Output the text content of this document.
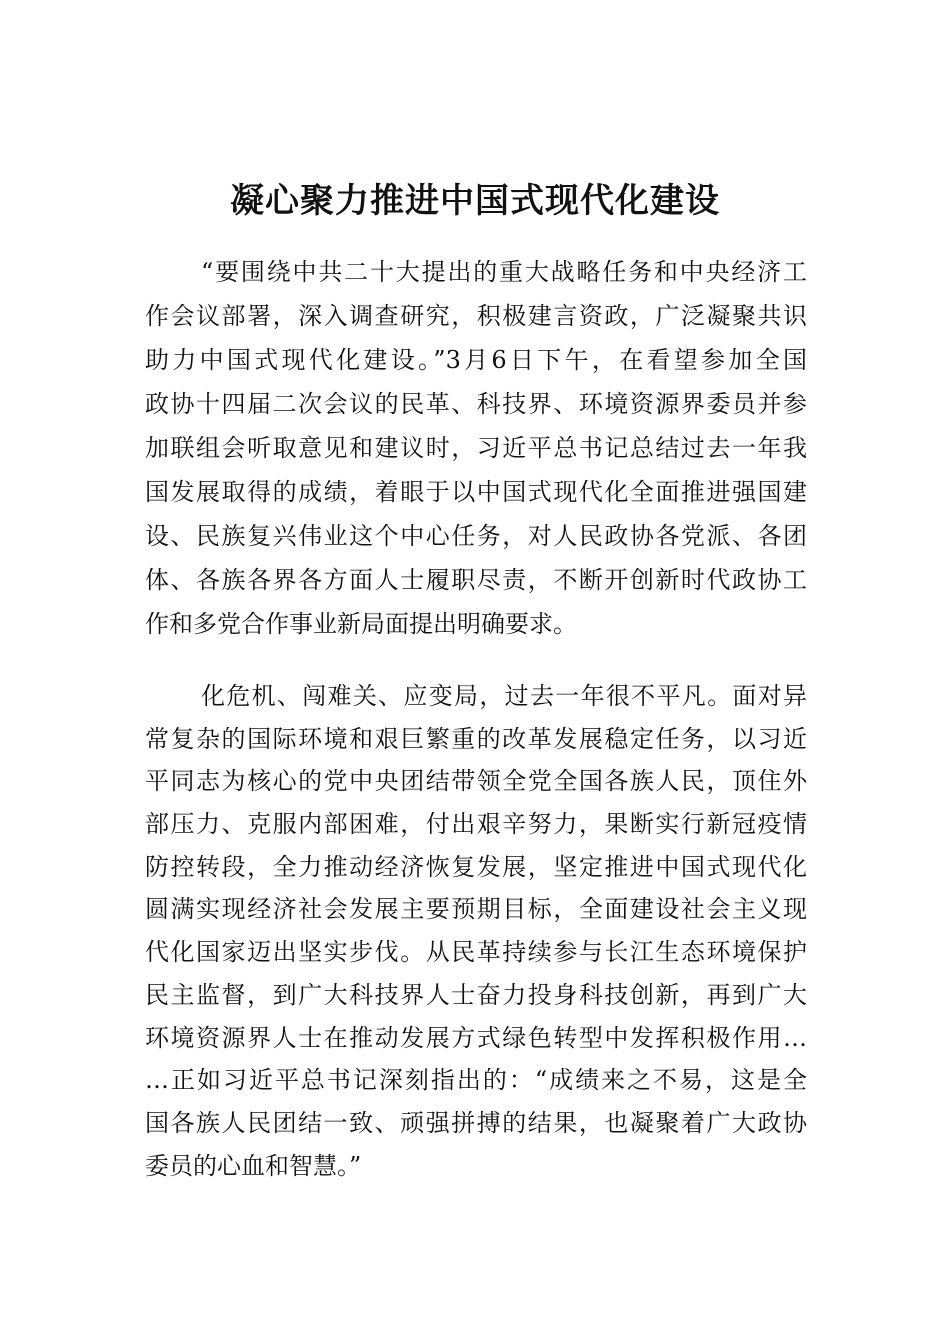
凝心聚力推进中国式现代化建设
“要围绕中共二十大提出的重大战略任务和中央经济工
作会议部署，深入调查研究，积极建言资政，广泛凝聚共识
助力中国式现代化建设。”3月6日下午，在看望参加全国
政协十四届二次会议的民革、科技界、环境资源界委员并参
加联组会听取意见和建议时，习近平总书记总结过去一年我
国发展取得的成绩，着眼于以中国式现代化全面推进强国建
设、民族复兴伟业这个中心任务，对人民政协各党派、各团
体、各族各界各方面人士履职尽责，不断开创新时代政协工
作和多党合作事业新局面提出明确要求。
化危机、闯难关、应变局，过去一年很不平凡。面对异
常复杂的国际环境和艰巨繁重的改革发展稳定任务，以习近
平同志为核心的党中央团结带领全党全国各族人民，顶住外
部压力、克服内部困难，付出艰辛努力，果断实行新冠疫情
防控转段，全力推动经济恢复发展，坚定推进中国式现代化
圆满实现经济社会发展主要预期目标，全面建设社会主义现
代化国家迈出坚实步伐。从民革持续参与长江生态环境保护
民主监督，到广大科技界人士奋力投身科技创新，再到广大
环境资源界人士在推动发展方式绿色转型中发挥积极作用…
…正如习近平总书记深刻指出的：“成绩来之不易，这是全
国各族人民团结一致、顽强拼搏的结果，也凝聚着广大政协
委员的心血和智慧。”
